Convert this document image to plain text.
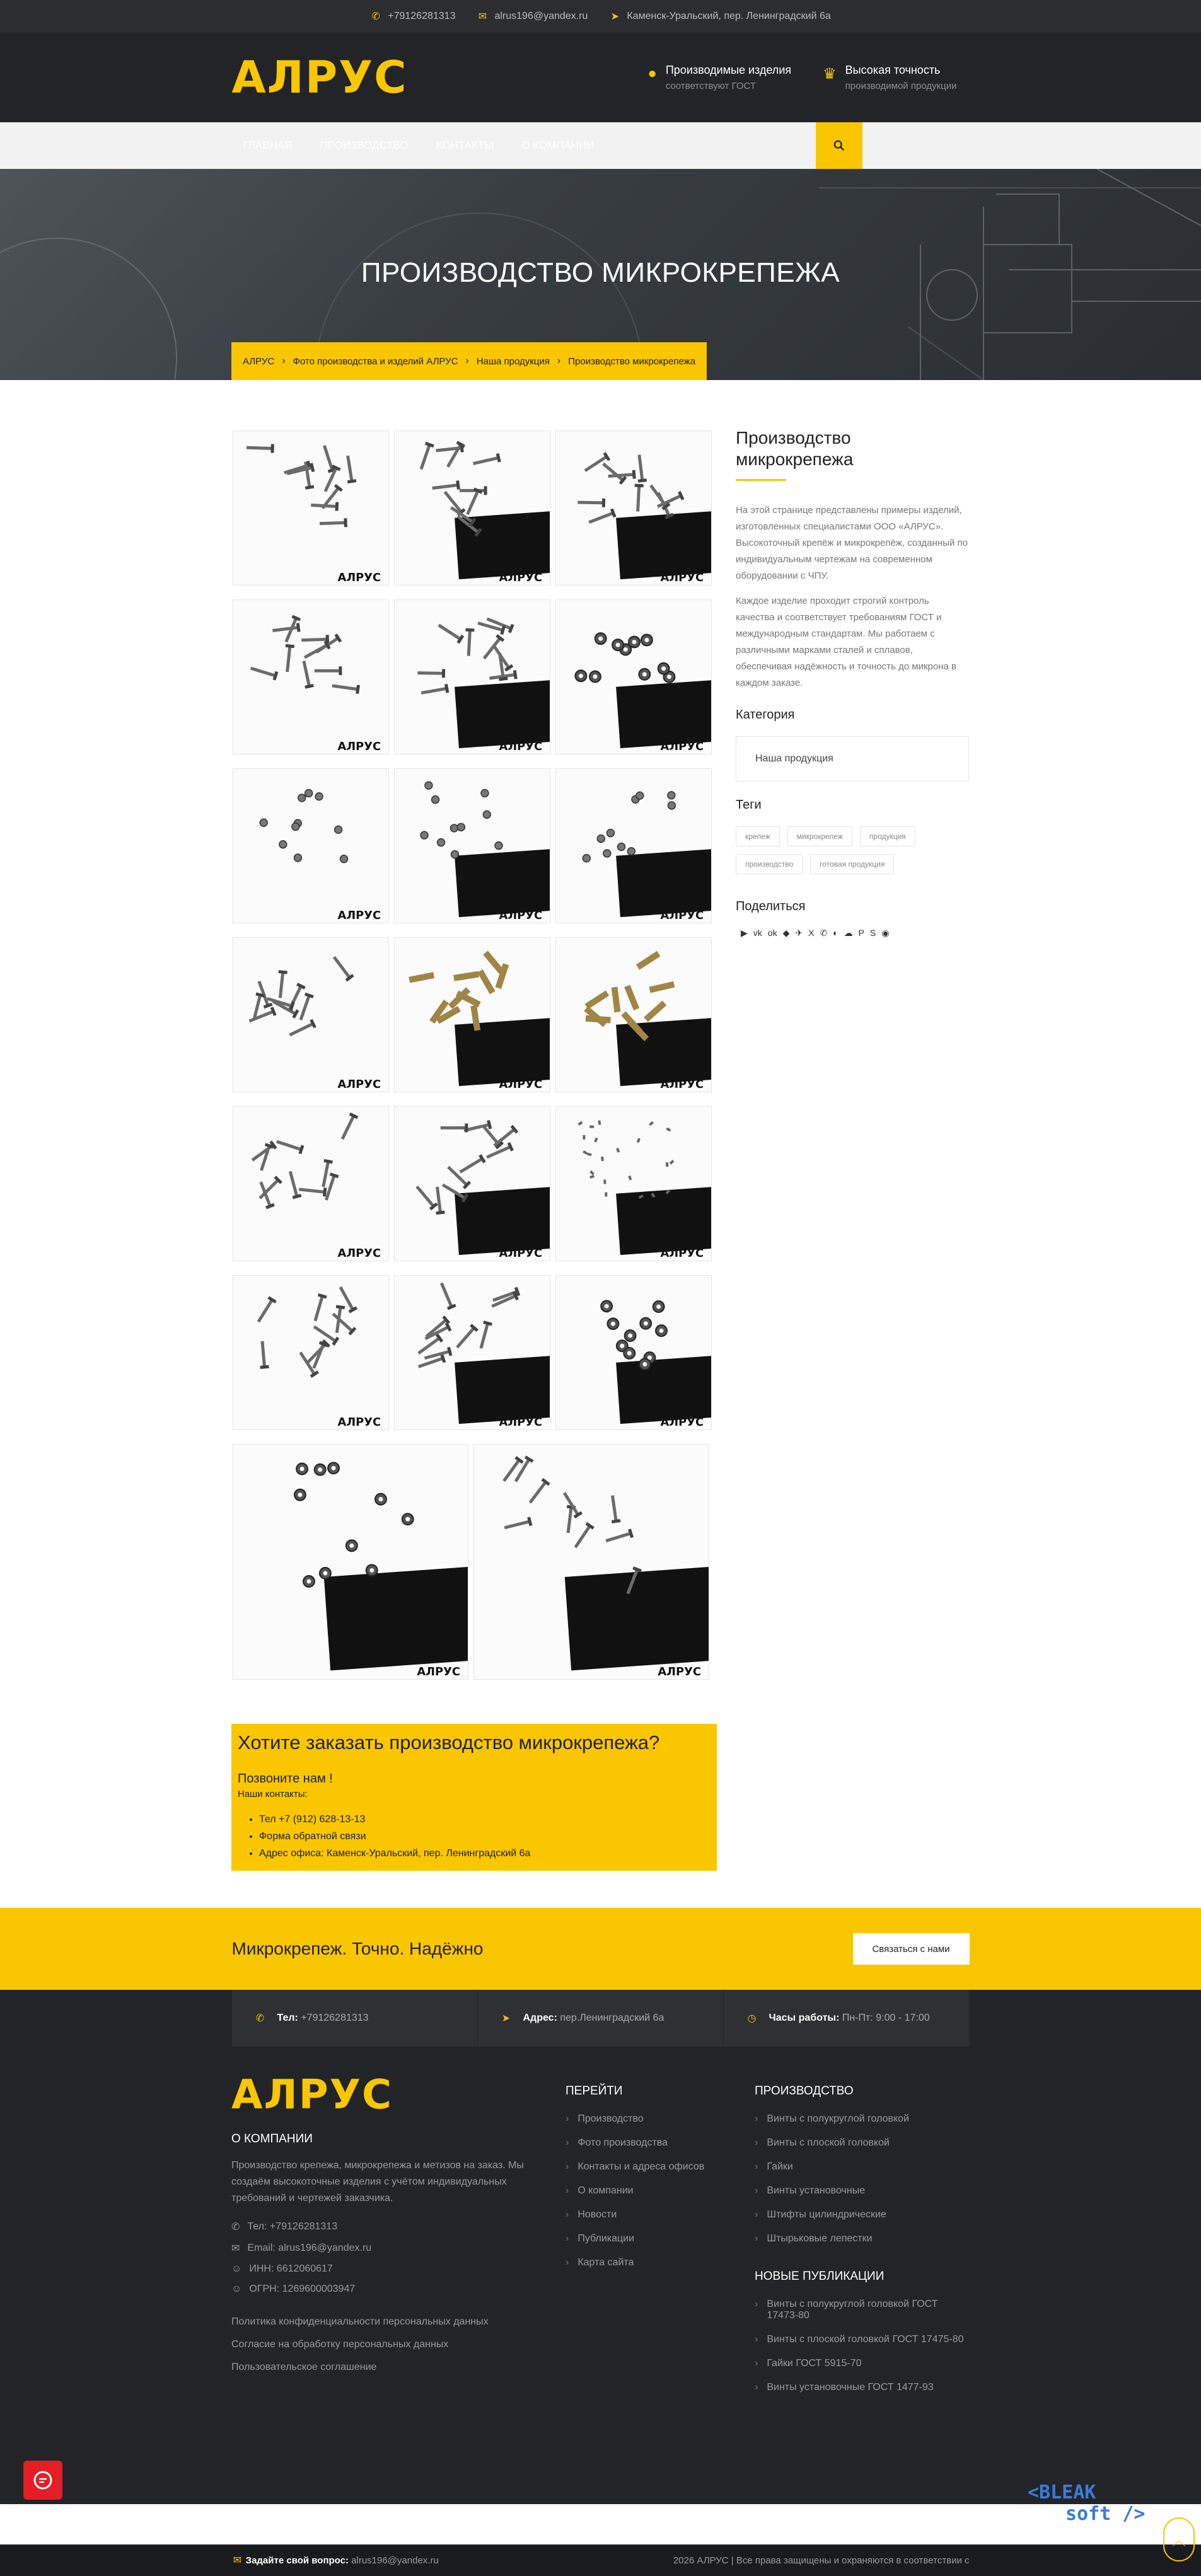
✆ +79126281313 ✉ alrus196@yandex.ru ➤ Каменск-Уральский, пер. Ленинградский 6а
АЛРУС	● Производимые изделия
соответствуют ГОСТ
♛ Высокая точность
производимой продукции
ГЛАВНАЯ	ПРОИЗВОДСТВО	КОНТАКТЫ	О КОМПАНИИ
ПРОИЗВОДСТВО МИКРОКРЕПЕЖА
АЛРУС › Фото производства и изделий АЛРУС › Наша продукция › Производство микрокрепежа
АЛРУС	АЛРУС	АЛРУС
АЛРУС	АЛРУС	АЛРУС
АЛРУС	АЛРУС	АЛРУС
АЛРУС	АЛРУС	АЛРУС
АЛРУС	АЛРУС	АЛРУС
АЛРУС	АЛРУС	АЛРУС
АЛРУС	АЛРУС
Производство микрокрепежа

На этой странице представлены примеры изделий, изготовленных специалистами ООО «АЛРУС». Высокоточный крепёж и микрокрепёж, созданный по индивидуальным чертежам на современном оборудовании с ЧПУ.

Каждое изделие проходит строгий контроль качества и соответствует требованиям ГОСТ и международным стандартам. Мы работаем с различными марками сталей и сплавов, обеспечивая надёжность и точность до микрона в каждом заказе.

Категория
Наша продукция
Теги
крепеж	микрокрепеж	продукция
производство	готовая продукция
Поделиться
▶ vk ok ◆ ✈ X ✆ ◐ ☁ P S ◉
Хотите заказать производство микрокрепежа?
Позвоните нам !
Наши контакты:
• Тел +7 (912) 628-13-13
• Форма обратной связи
• Адрес офиса: Каменск-Уральский, пер. Ленинградский 6а
Микрокрепеж. Точно. Надёжно	Связаться с нами
✆ Тел: +79126281313	➤ Адрес: пер.Ленинградский 6а	◷ Часы работы: Пн-Пт: 9:00 - 17:00
АЛРУС
О КОМПАНИИ
Производство крепежа, микрокрепежа и метизов на заказ. Мы создаём высокоточные изделия с учётом индивидуальных требований и чертежей заказчика.
✆ Тел: +79126281313
✉ Email: alrus196@yandex.ru
☺ ИНН: 6612060617
☺ ОГРН: 1269600003947
Политика конфиденциальности персональных данных
Согласие на обработку персональных данных
Пользовательское соглашение
ПЕРЕЙТИ
› Производство
› Фото производства
› Контакты и адреса офисов
› О компании
› Новости
› Публикации
› Карта сайта
ПРОИЗВОДСТВО
› Винты с полукруглой головкой
› Винты с плоской головкой
› Гайки
› Винты установочные
› Штифты цилиндрические
› Штырьковые лепестки
НОВЫЕ ПУБЛИКАЦИИ
› Винты с полукруглой головкой ГОСТ 17473-80
› Винты с плоской головкой ГОСТ 17475-80
› Гайки ГОСТ 5915-70
› Винты установочные ГОСТ 1477-93
✉ Задайте свой вопрос: alrus196@yandex.ru	2026 АЛРУС | Все права защищены и охраняются в соответствии с
<BLEAK
soft />
︿
